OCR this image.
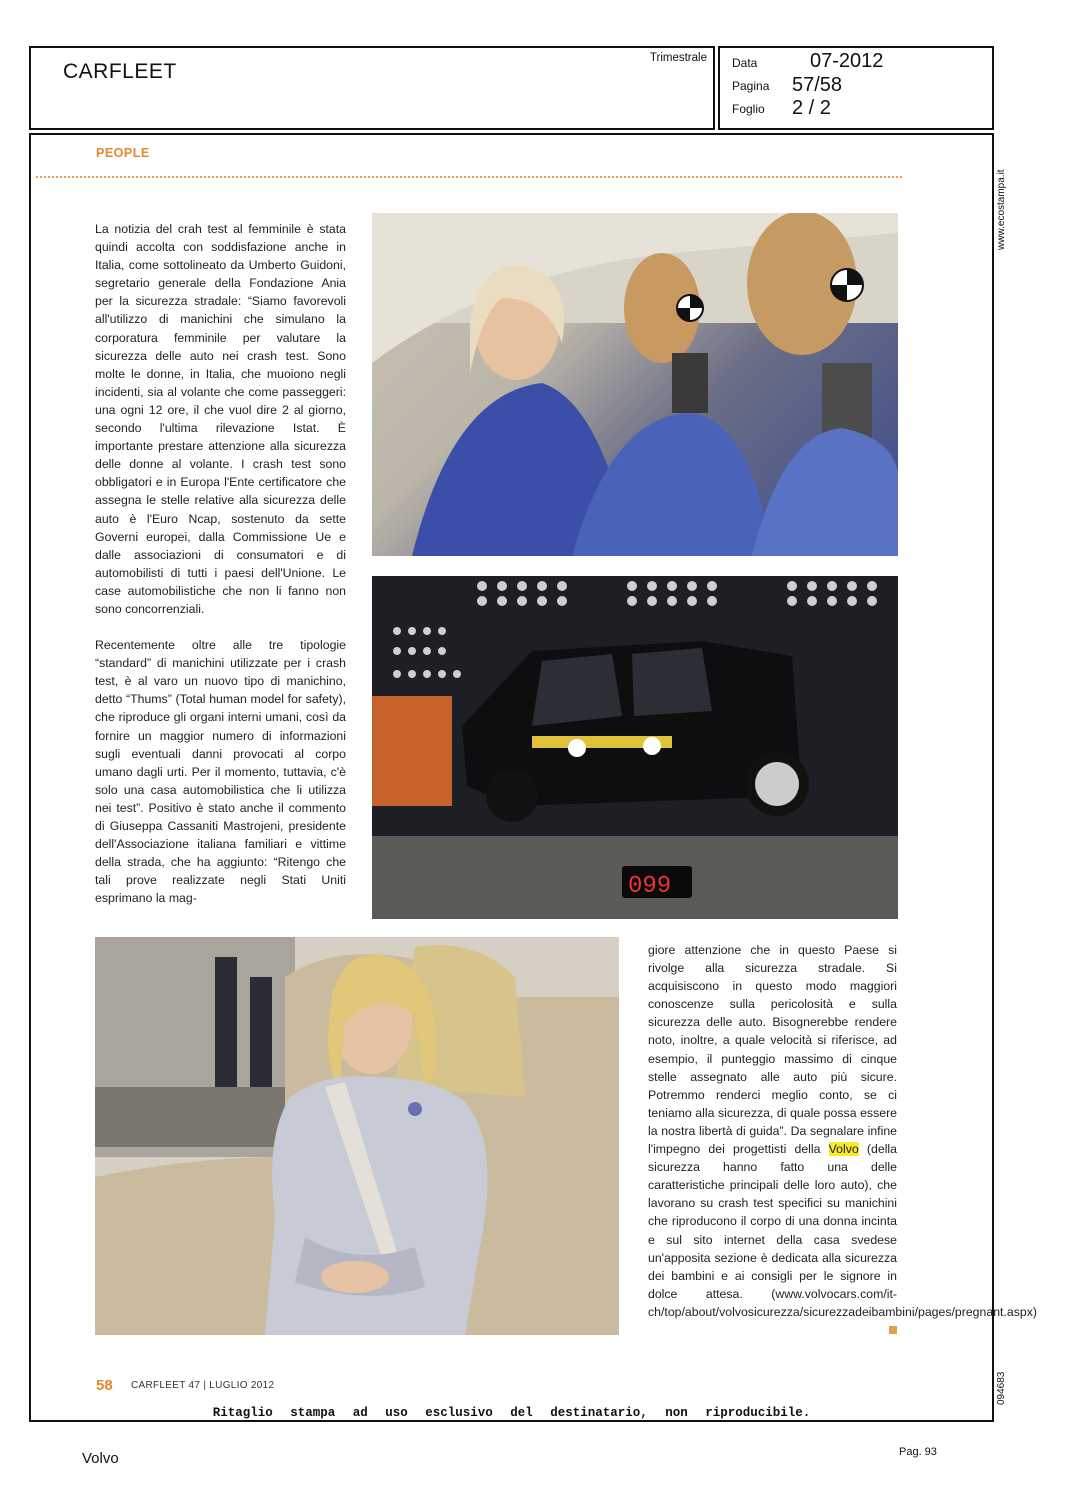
CARFLEET
Trimestrale Data	07-2012
Pagina 57/58
Foglio 2 / 2
PEOPLE

La notizia del crah test al femminile è stata quindi accolta con soddisfazione anche in Italia, come sottolineato da Umberto Guidoni, segretario generale della Fondazione Ania per la sicurezza stradale: “Siamo favorevoli all'utilizzo di manichini che simulano la corporatura femminile per valutare la sicurezza delle auto nei crash test. Sono molte le donne, in Italia, che muoiono negli incidenti, sia al volante che come passeggeri: una ogni 12 ore, il che vuol dire 2 al giorno, secondo l'ultima rilevazione Istat. È importante prestare attenzione alla sicurezza delle donne al volante. I crash test sono obbligatori e in Europa l'Ente certificatore che assegna le stelle relative alla sicurezza delle auto è l'Euro Ncap, sostenuto da sette Governi europei, dalla Commissione Ue e dalle associazioni di consumatori e di automobilisti di tutti i paesi dell'Unione. Le case automobilistiche che non li fanno non sono concorrenziali.

Recentemente oltre alle tre tipologie “standard” di manichini utilizzate per i crash test, è al varo un nuovo tipo di manichino, detto “Thums” (Total human model for safety), che riproduce gli organi interni umani, così da fornire un maggior numero di informazioni sugli eventuali danni provocati al corpo umano dagli urti. Per il momento, tuttavia, c'è solo una casa automobilistica che li utilizza nei test”. Positivo è stato anche il commento di Giuseppa Cassaniti Mastrojeni, presidente dell'Associazione italiana familiari e vittime della strada, che ha aggiunto: “Ritengo che tali prove realizzate negli Stati Uniti esprimano la mag-	099

giore attenzione che in questo Paese si rivolge alla sicurezza stradale. Si acquisiscono in questo modo maggiori conoscenze sulla pericolosità e sulla sicurezza delle auto. Bisognerebbe rendere noto, inoltre, a quale velocità si riferisce, ad esempio, il punteggio massimo di cinque stelle assegnato alle auto più sicure. Potremmo renderci meglio conto, se ci teniamo alla sicurezza, di quale possa essere la nostra libertà di guida”. Da segnalare infine l'impegno dei progettisti della Volvo (della sicurezza hanno fatto una delle caratteristiche principali delle loro auto), che lavorano su crash test specifici su manichini che riproducono il corpo di una donna incinta e sul sito internet della casa svedese un'apposita sezione è dedicata alla sicurezza dei bambini e ai consigli per le signore in dolce attesa. (www.volvocars.com/it-ch/top/about/volvosicurezza/sicurezzadeibambini/pages/pregnant.aspx)

58 CARFLEET 47 | LUGLIO 2012
Ritaglio stampa ad uso esclusivo del destinatario, non riproducibile.
www.ecostampa.it
094683
Volvo	Pag. 93
